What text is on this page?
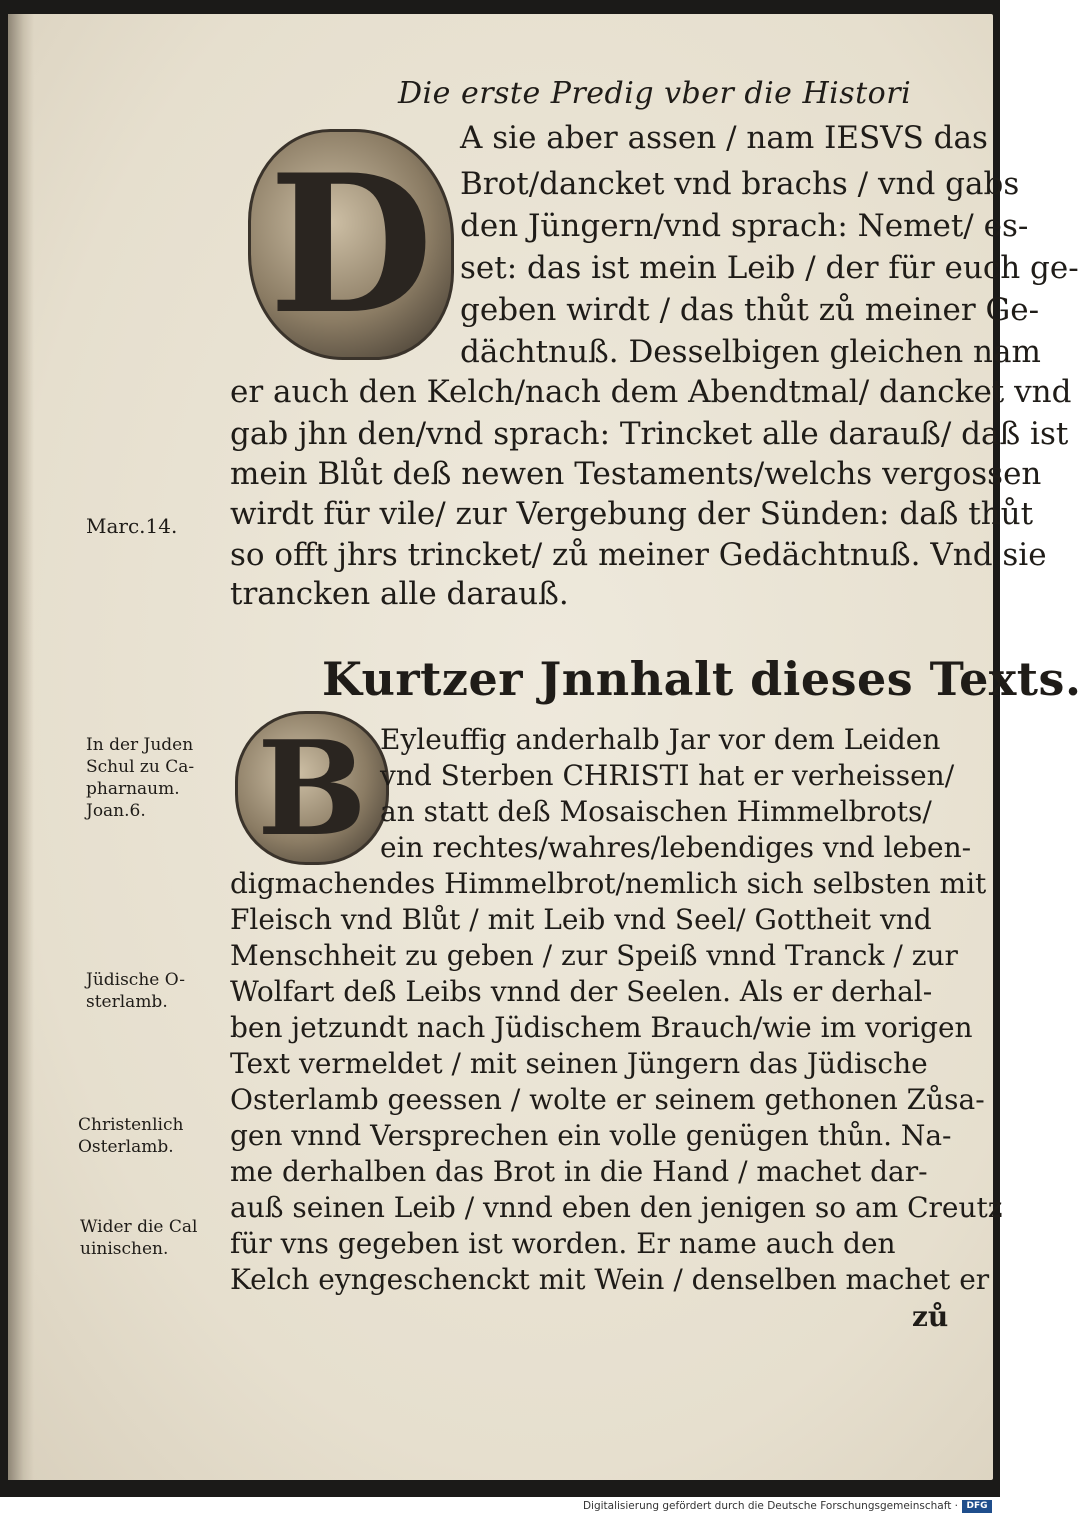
Die erste Predig vber die Histori
D A sie aber assen / nam IESVS das
Brot/dancket vnd brachs / vnd gabs
den Jüngern/vnd sprach: Nemet/ es-
set: das ist mein Leib / der für euch ge-
geben wirdt / das thůt zů meiner Ge-
dächtnuß. Desselbigen gleichen nam
er auch den Kelch/nach dem Abendtmal/ dancket vnd
gab jhn den/vnd sprach: Trincket alle darauß/ daß ist
mein Blůt deß newen Testaments/welchs vergossen
wirdt für vile/ zur Vergebung der Sünden: daß thůt
so offt jhrs trincket/ zů meiner Gedächtnuß. Vnd sie
trancken alle darauß.
Marc.14.
Kurtzer Jnnhalt dieses Texts.
B Eyleuffig anderhalb Jar vor dem Leiden
vnd Sterben CHRISTI hat er verheissen/
an statt deß Mosaischen Himmelbrots/
ein rechtes/wahres/lebendiges vnd leben-
digmachendes Himmelbrot/nemlich sich selbsten mit
Fleisch vnd Blůt / mit Leib vnd Seel/ Gottheit vnd
Menschheit zu geben / zur Speiß vnnd Tranck / zur
Wolfart deß Leibs vnnd der Seelen. Als er derhal-
ben jetzundt nach Jüdischem Brauch/wie im vorigen
Text vermeldet / mit seinen Jüngern das Jüdische
Osterlamb geessen / wolte er seinem gethonen Zůsa-
gen vnnd Versprechen ein volle genügen thůn. Na-
me derhalben das Brot in die Hand / machet dar-
auß seinen Leib / vnnd eben den jenigen so am Creutz
für vns gegeben ist worden. Er name auch den
Kelch eyngeschenckt mit Wein / denselben machet er
In der Juden
Schul zu Ca-
pharnaum.
Joan.6.
Jüdische O-
sterlamb.
Christenlich
Osterlamb.
Wider die Cal
uinischen.
zů
Digitalisierung gefördert durch die Deutsche Forschungsgemeinschaft · DFG
